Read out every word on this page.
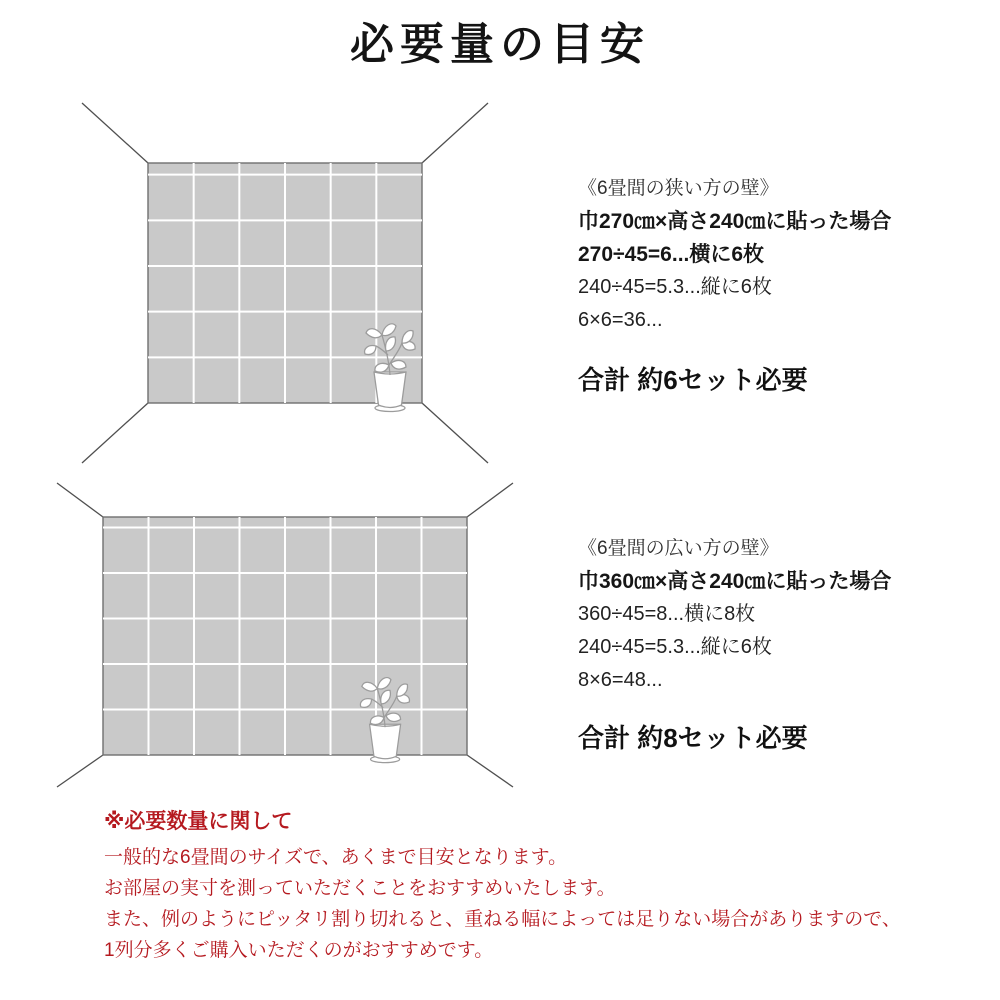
必要量の目安
《6畳間の狭い方の壁》
巾270㎝×高さ240㎝に貼った場合
270÷45=6...横に6枚
240÷45=5.3...縦に6枚
6×6=36...
合計 約6セット必要
《6畳間の広い方の壁》
巾360㎝×高さ240㎝に貼った場合
360÷45=8...横に8枚
240÷45=5.3...縦に6枚
8×6=48...
合計 約8セット必要
※必要数量に関して
一般的な6畳間のサイズで、あくまで目安となります。
お部屋の実寸を測っていただくことをおすすめいたします。
また、例のようにピッタリ割り切れると、重ねる幅によっては足りない場合がありますので、
1列分多くご購入いただくのがおすすめです。
